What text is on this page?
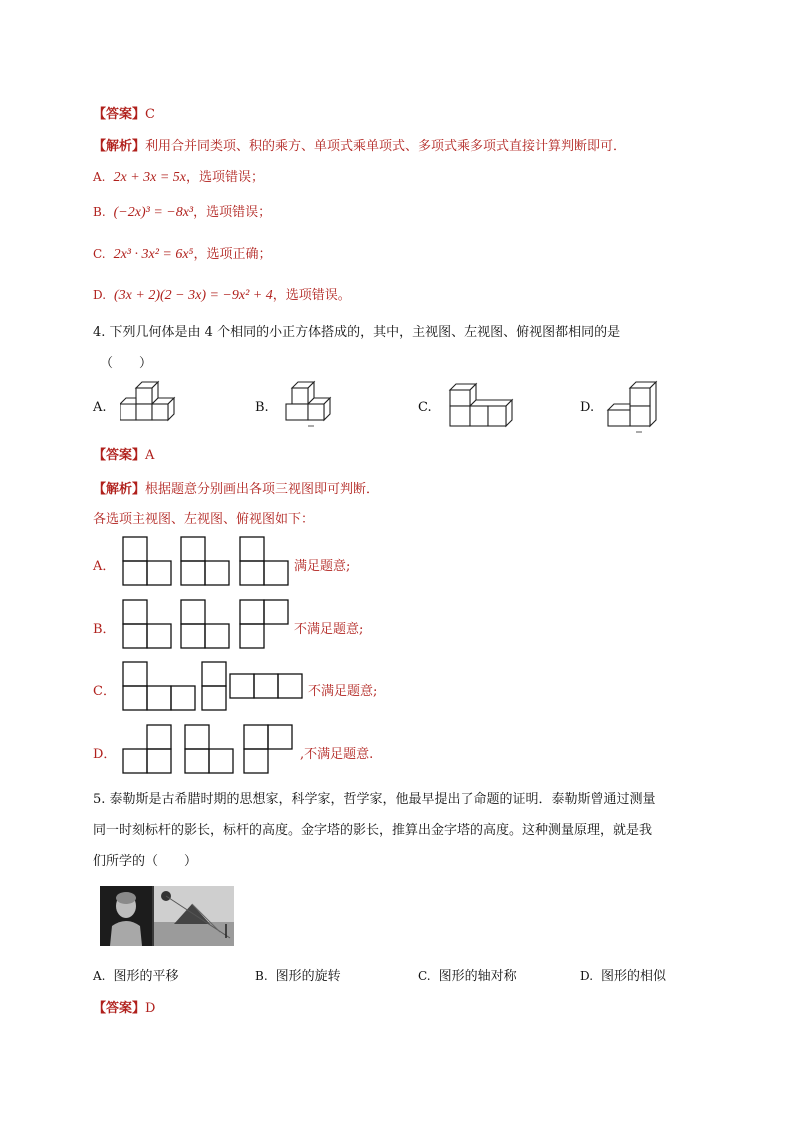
【答案】C
【解析】利用合并同类项、积的乘方、单项式乘单项式、多项式乘多项式直接计算判断即可．
A. 2x + 3x = 5x，选项错误；
B. (−2x)³ = −8x³，选项错误；
C. 2x³ · 3x² = 6x⁵，选项正确；
D. (3x + 2)(2 − 3x) = −9x² + 4，选项错误。
4. 下列几何体是由 4 个相同的小正方体搭成的，其中，主视图、左视图、俯视图都相同的是
（　　）
A.	B.	C.	D.
【答案】A
【解析】根据题意分别画出各项三视图即可判断．
各选项主视图、左视图、俯视图如下：
A．	满足题意;
B．	不满足题意;
C．	不满足题意;
D．	,不满足题意.
5. 泰勒斯是古希腊时期的思想家，科学家，哲学家，他最早提出了命题的证明．泰勒斯曾通过测量
同一时刻标杆的影长，标杆的高度。金字塔的影长，推算出金字塔的高度。这种测量原理，就是我
们所学的（　　）
A. 图形的平移	B. 图形的旋转	C. 图形的轴对称	D. 图形的相似
【答案】D
